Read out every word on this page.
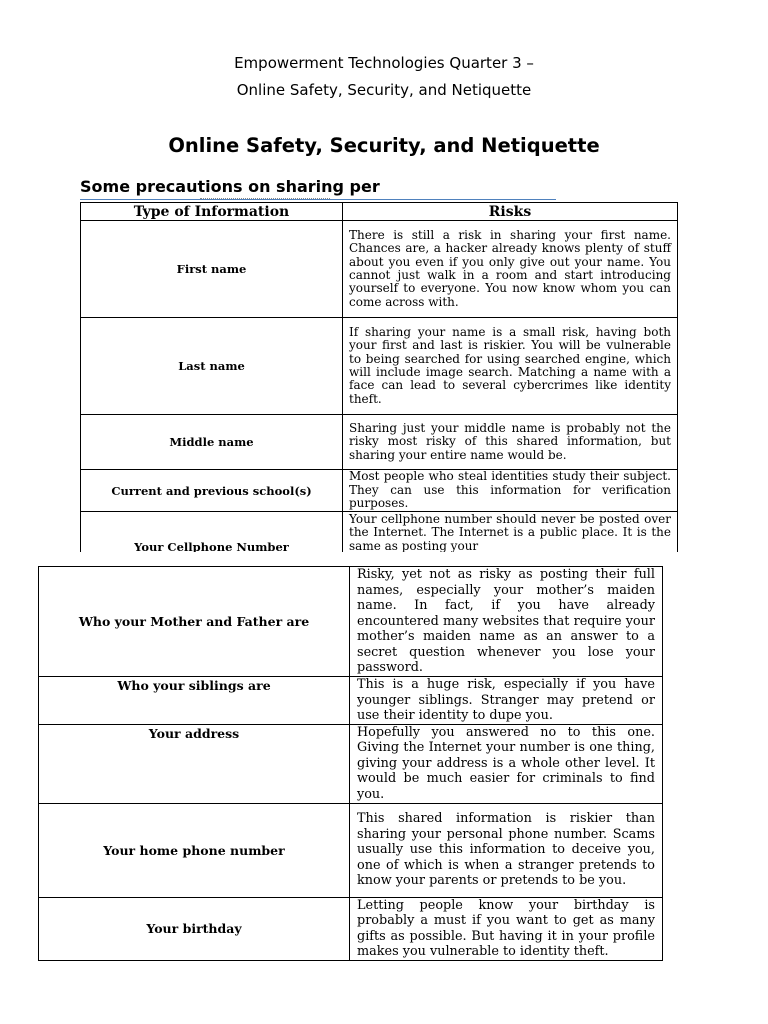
Empowerment Technologies Quarter 3 –
Online Safety, Security, and Netiquette
Online Safety, Security, and Netiquette
Some precautions on sharing per
Type of Information	Risks
First name	There is still a risk in sharing your first name. Chances are, a hacker already knows plenty of stuff about you even if you only give out your name. You cannot just walk in a room and start introducing yourself to everyone. You now know whom you can come across with.
Last name	If sharing your name is a small risk, having both your first and last is riskier. You will be vulnerable to being searched for using searched engine, which will include image search. Matching a name with a face can lead to several cybercrimes like identity theft.
Middle name	Sharing just your middle name is probably not the risky most risky of this shared information, but sharing your entire name would be.
Current and previous school(s)	Most people who steal identities study their subject. They can use this information for verification purposes.
Your Cellphone Number	Your cellphone number should never be posted over the Internet. The Internet is a public place. It is the same as posting your
Who your Mother and Father are	Risky, yet not as risky as posting their full names, especially your mother’s maiden name. In fact, if you have already encountered many websites that require your mother’s maiden name as an answer to a secret question whenever you lose your password.
Who your siblings are	This is a huge risk, especially if you have younger siblings. Stranger may pretend or use their identity to dupe you.
Your address	Hopefully you answered no to this one. Giving the Internet your number is one thing, giving your address is a whole other level. It would be much easier for criminals to find you.
Your home phone number	This shared information is riskier than sharing your personal phone number. Scams usually use this information to deceive you, one of which is when a stranger pretends to know your parents or pretends to be you.
Your birthday	Letting people know your birthday is probably a must if you want to get as many gifts as possible. But having it in your profile makes you vulnerable to identity theft.
